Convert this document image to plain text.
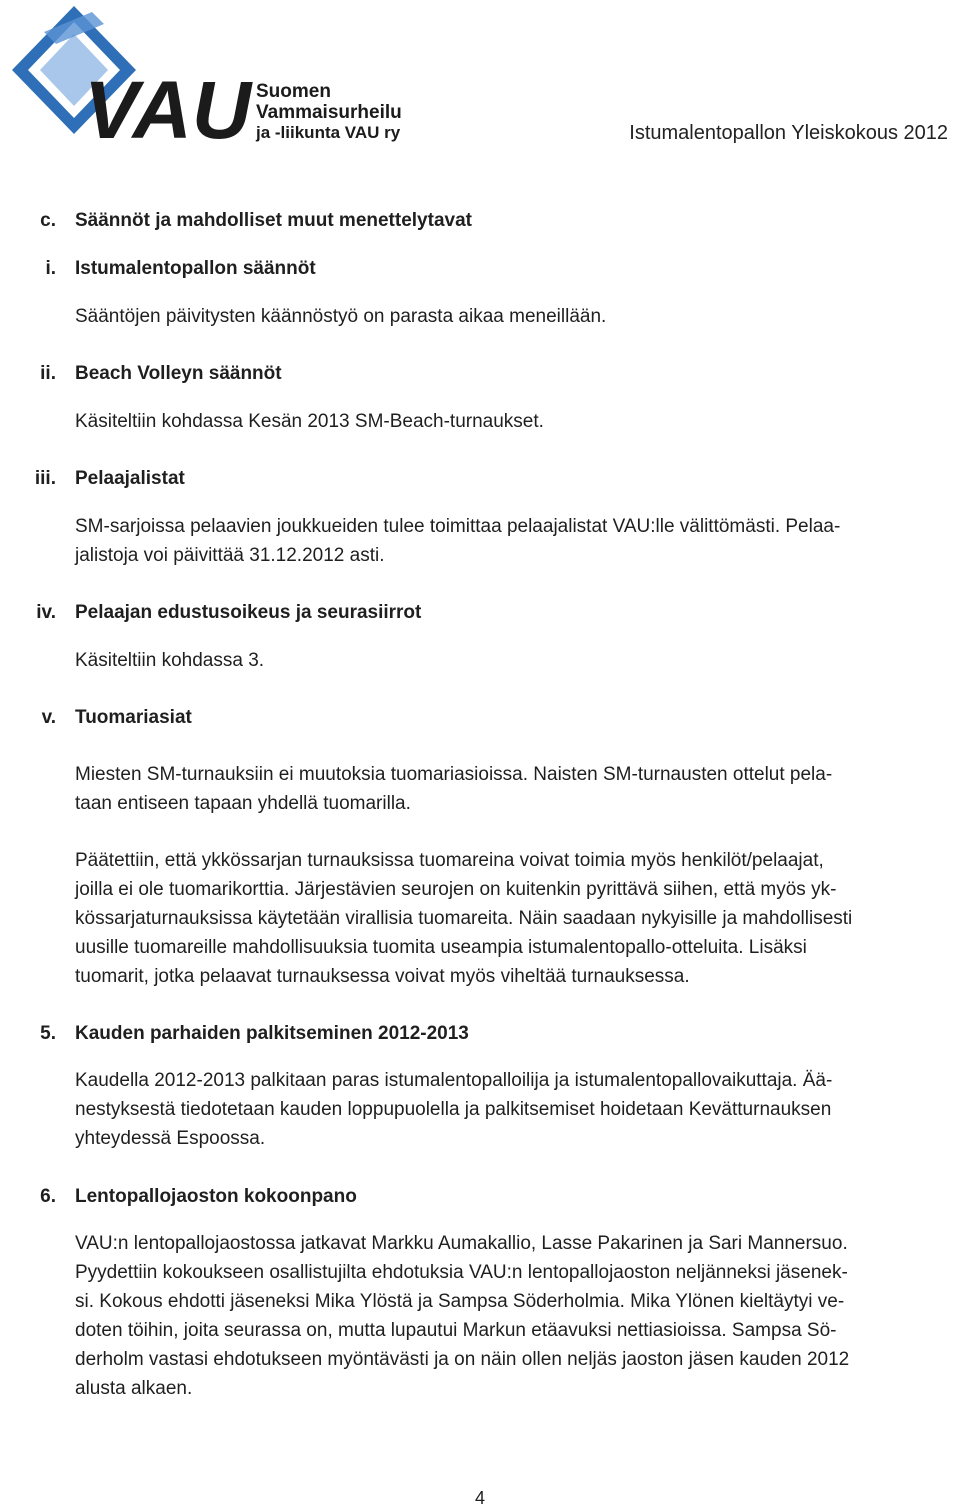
VAU Suomen
Vammaisurheilu
ja -liikunta VAU ry	Istumalentopallon Yleiskokous 2012
c. Säännöt ja mahdolliset muut menettelytavat
i. Istumalentopallon säännöt
Sääntöjen päivitysten käännöstyö on parasta aikaa meneillään.
ii. Beach Volleyn säännöt
Käsiteltiin kohdassa Kesän 2013 SM-Beach-turnaukset.
iii. Pelaajalistat
SM-sarjoissa pelaavien joukkueiden tulee toimittaa pelaajalistat VAU:lle välittömästi. Pelaa-
jalistoja voi päivittää 31.12.2012 asti.
iv. Pelaajan edustusoikeus ja seurasiirrot
Käsiteltiin kohdassa 3.
v. Tuomariasiat
Miesten SM-turnauksiin ei muutoksia tuomariasioissa. Naisten SM-turnausten ottelut pela-
taan entiseen tapaan yhdellä tuomarilla.
Päätettiin, että ykkössarjan turnauksissa tuomareina voivat toimia myös henkilöt/pelaajat,
joilla ei ole tuomarikorttia. Järjestävien seurojen on kuitenkin pyrittävä siihen, että myös yk-
kössarjaturnauksissa käytetään virallisia tuomareita. Näin saadaan nykyisille ja mahdollisesti
uusille tuomareille mahdollisuuksia tuomita useampia istumalentopallo-otteluita. Lisäksi
tuomarit, jotka pelaavat turnauksessa voivat myös viheltää turnauksessa.
5. Kauden parhaiden palkitseminen 2012-2013
Kaudella 2012-2013 palkitaan paras istumalentopalloilija ja istumalentopallovaikuttaja. Ää-
nestyksestä tiedotetaan kauden loppupuolella ja palkitsemiset hoidetaan Kevätturnauksen
yhteydessä Espoossa.
6. Lentopallojaoston kokoonpano
VAU:n lentopallojaostossa jatkavat Markku Aumakallio, Lasse Pakarinen ja Sari Mannersuo.
Pyydettiin kokoukseen osallistujilta ehdotuksia VAU:n lentopallojaoston neljänneksi jäsenek-
si. Kokous ehdotti jäseneksi Mika Ylöstä ja Sampsa Söderholmia. Mika Ylönen kieltäytyi ve-
doten töihin, joita seurassa on, mutta lupautui Markun etäavuksi nettiasioissa. Sampsa Sö-
derholm vastasi ehdotukseen myöntävästi ja on näin ollen neljäs jaoston jäsen kauden 2012
alusta alkaen.
4
